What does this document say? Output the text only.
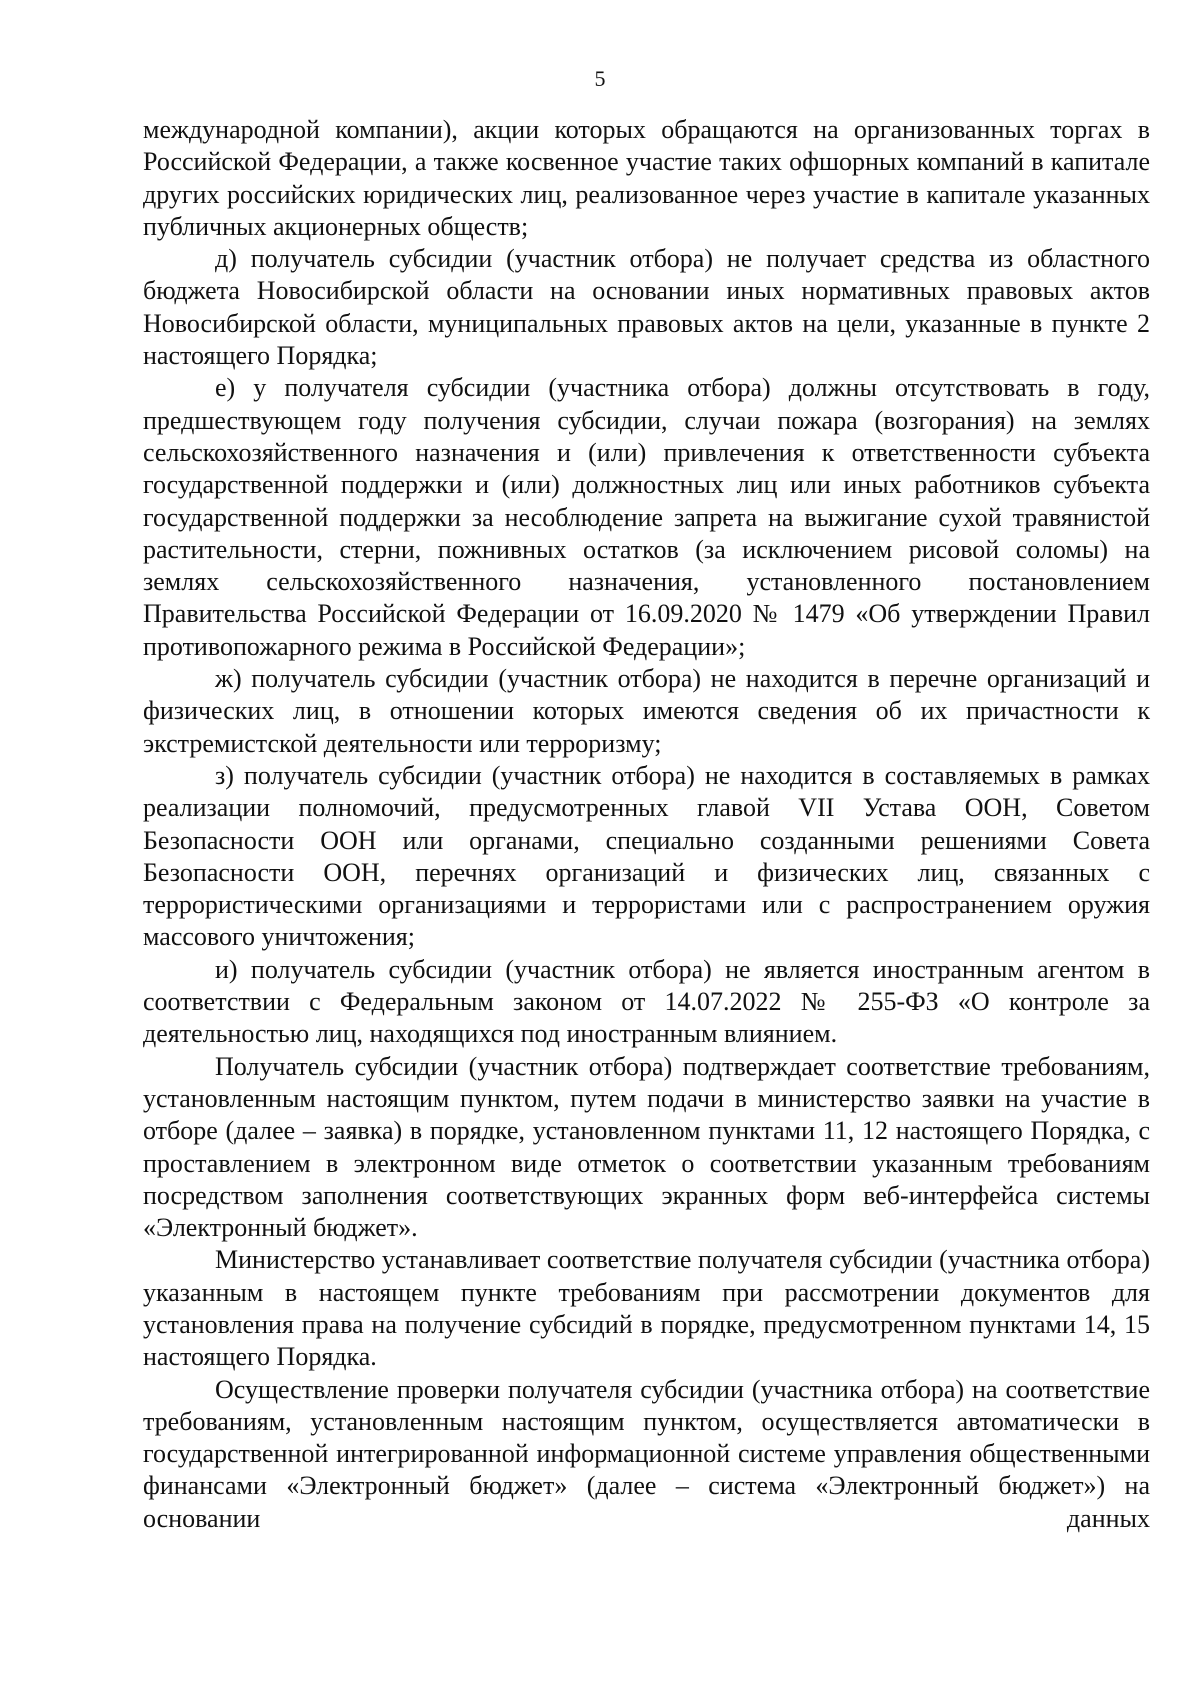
5

международной компании), акции которых обращаются на организованных торгах в Российской Федерации, а также косвенное участие таких офшорных компаний в капитале других российских юридических лиц, реализованное через участие в капитале указанных публичных акционерных обществ;

д) получатель субсидии (участник отбора) не получает средства из областного бюджета Новосибирской области на основании иных нормативных правовых актов Новосибирской области, муниципальных правовых актов на цели, указанные в пункте 2 настоящего Порядка;

е) у получателя субсидии (участника отбора) должны отсутствовать в году, предшествующем году получения субсидии, случаи пожара (возгорания) на землях сельскохозяйственного назначения и (или) привлечения к ответственности субъекта государственной поддержки и (или) должностных лиц или иных работников субъекта государственной поддержки за несоблюдение запрета на выжигание сухой травянистой растительности, стерни, пожнивных остатков (за исключением рисовой соломы) на землях сельскохозяйственного назначения, установленного постановлением Правительства Российской Федерации от 16.09.2020 № 1479 «Об утверждении Правил противопожарного режима в Российской Федерации»;

ж) получатель субсидии (участник отбора) не находится в перечне организаций и физических лиц, в отношении которых имеются сведения об их причастности к экстремистской деятельности или терроризму;

з) получатель субсидии (участник отбора) не находится в составляемых в рамках реализации полномочий, предусмотренных главой VII Устава ООН, Советом Безопасности ООН или органами, специально созданными решениями Совета Безопасности ООН, перечнях организаций и физических лиц, связанных с террористическими организациями и террористами или с распространением оружия массового уничтожения;

и) получатель субсидии (участник отбора) не является иностранным агентом в соответствии с Федеральным законом от 14.07.2022 № 255-ФЗ «О контроле за деятельностью лиц, находящихся под иностранным влиянием.

Получатель субсидии (участник отбора) подтверждает соответствие требованиям, установленным настоящим пунктом, путем подачи в министерство заявки на участие в отборе (далее – заявка) в порядке, установленном пунктами 11, 12 настоящего Порядка, с проставлением в электронном виде отметок о соответствии указанным требованиям посредством заполнения соответствующих экранных форм веб-интерфейса системы «Электронный бюджет».

Министерство устанавливает соответствие получателя субсидии (участника отбора) указанным в настоящем пункте требованиям при рассмотрении документов для установления права на получение субсидий в порядке, предусмотренном пунктами 14, 15 настоящего Порядка.

Осуществление проверки получателя субсидии (участника отбора) на соответствие требованиям, установленным настоящим пунктом, осуществляется автоматически в государственной интегрированной информационной системе управления общественными финансами «Электронный бюджет» (далее – система «Электронный бюджет») на основании данных
